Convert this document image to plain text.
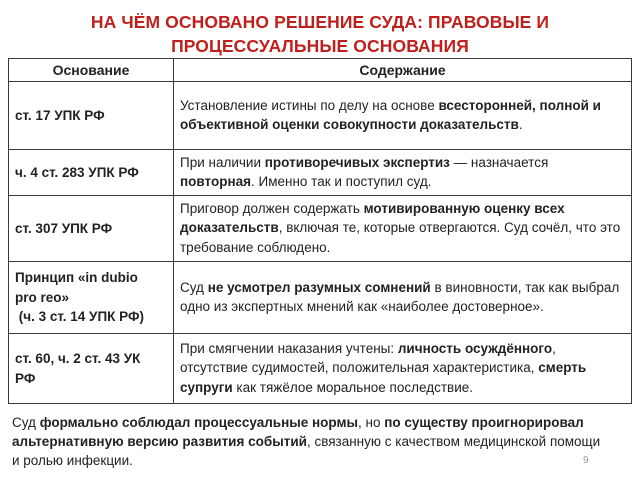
НА ЧЁМ ОСНОВАНО РЕШЕНИЕ СУДА: ПРАВОВЫЕ И
ПРОЦЕССУАЛЬНЫЕ ОСНОВАНИЯ
Основание	Содержание
ст. 17 УПК РФ	Установление истины по делу на основе всесторонней, полной и объективной оценки совокупности доказательств.
ч. 4 ст. 283 УПК РФ	При наличии противоречивых экспертиз — назначается повторная. Именно так и поступил суд.
ст. 307 УПК РФ	Приговор должен содержать мотивированную оценку всех доказательств, включая те, которые отвергаются. Суд сочёл, что это требование соблюдено.

Принцип «in dubio
pro reo»
(ч. 3 ст. 14 УПК РФ)	Суд не усмотрел разумных сомнений в виновности, так как выбрал одно из экспертных мнений как «наиболее достоверное».

ст. 60, ч. 2 ст. 43 УК
РФ	При смягчении наказания учтены: личность осуждённого, отсутствие судимостей, положительная характеристика, смерть супруги как тяжёлое моральное последствие.
Суд формально соблюдал процессуальные нормы, но по существу проигнорировал альтернативную версию развития событий, связанную с качеством медицинской помощи и ролью инфекции.	9
